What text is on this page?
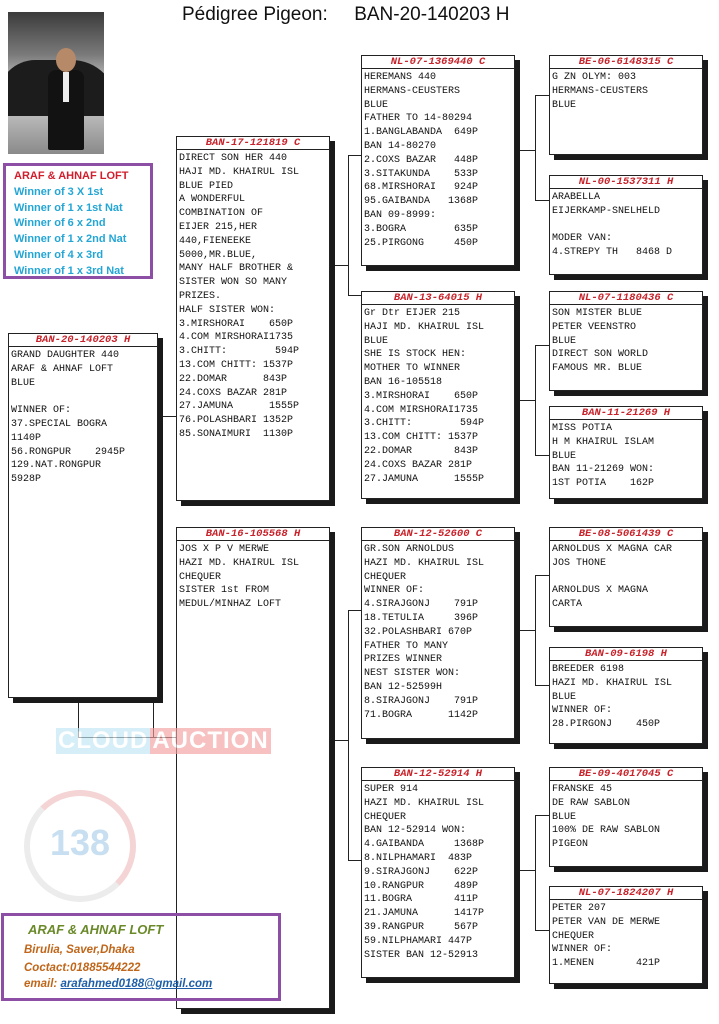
Pédigree Pigeon: BAN-20-140203 H
ARAF & AHNAF LOFT
Winner of 3 X 1st
Winner of 1 x 1st Nat
Winner of 6 x 2nd
Winner of 1 x 2nd Nat
Winner of 4 x 3rd
Winner of 1 x 3rd Nat
BAN-20-140203 H
GRAND DAUGHTER 440
ARAF & AHNAF LOFT
BLUE

WINNER OF:
37.SPECIAL BOGRA
1140P
56.RONGPUR    2945P
129.NAT.RONGPUR
5928P
BAN-17-121819 C
DIRECT SON HER 440
HAJI MD. KHAIRUL ISL
BLUE PIED
A WONDERFUL
COMBINATION OF
EIJER 215,HER
440,FIENEEKE
5000,MR.BLUE,
MANY HALF BROTHER &
SISTER WON SO MANY
PRIZES.
HALF SISTER WON:
3.MIRSHORAI    650P
4.COM MIRSHORAI1735
3.CHITT:        594P
13.COM CHITT: 1537P
22.DOMAR      843P
24.COXS BAZAR 281P
27.JAMUNA      1555P
76.POLASHBARI 1352P
85.SONAIMURI  1130P
BAN-16-105568 H
JOS X P V MERWE
HAZI MD. KHAIRUL ISL
CHEQUER
SISTER 1st FROM
MEDUL/MINHAZ LOFT
NL-07-1369440 C
HEREMANS 440
HERMANS-CEUSTERS
BLUE
FATHER TO 14-80294
1.BANGLABANDA  649P
BAN 14-80270
2.COXS BAZAR   448P
3.SITAKUNDA    533P
68.MIRSHORAI   924P
95.GAIBANDA   1368P
BAN 09-8999:
3.BOGRA        635P
25.PIRGONG     450P
BAN-13-64015 H
Gr Dtr EIJER 215
HAJI MD. KHAIRUL ISL
BLUE
SHE IS STOCK HEN:
MOTHER TO WINNER
BAN 16-105518
3.MIRSHORAI    650P
4.COM MIRSHORAI1735
3.CHITT:        594P
13.COM CHITT: 1537P
22.DOMAR       843P
24.COXS BAZAR 281P
27.JAMUNA      1555P
BAN-12-52600 C
GR.SON ARNOLDUS
HAZI MD. KHAIRUL ISL
CHEQUER
WINNER OF:
4.SIRAJGONJ    791P
18.TETULIA     396P
32.POLASHBARI 670P
FATHER TO MANY
PRIZES WINNER
NEST SISTER WON:
BAN 12-52599H
8.SIRAJGONJ    791P
71.BOGRA      1142P
BAN-12-52914 H
SUPER 914
HAZI MD. KHAIRUL ISL
CHEQUER
BAN 12-52914 WON:
4.GAIBANDA     1368P
8.NILPHAMARI  483P
9.SIRAJGONJ    622P
10.RANGPUR     489P
11.BOGRA       411P
21.JAMUNA      1417P
39.RANGPUR     567P
59.NILPHAMARI 447P
SISTER BAN 12-52913
BE-06-6148315 C
G ZN OLYM: 003
HERMANS-CEUSTERS
BLUE
NL-00-1537311 H
ARABELLA
EIJERKAMP-SNELHELD

MODER VAN:
4.STREPY TH   8468 D
NL-07-1180436 C
SON MISTER BLUE
PETER VEENSTRO
BLUE
DIRECT SON WORLD
FAMOUS MR. BLUE
BAN-11-21269 H
MISS POTIA
H M KHAIRUL ISLAM
BLUE
BAN 11-21269 WON:
1ST POTIA    162P
BE-08-5061439 C
ARNOLDUS X MAGNA CAR
JOS THONE

ARNOLDUS X MAGNA
CARTA
BAN-09-6198 H
BREEDER 6198
HAZI MD. KHAIRUL ISL
BLUE
WINNER OF:
28.PIRGONJ    450P
BE-09-4017045 C
FRANSKE 45
DE RAW SABLON
BLUE
100% DE RAW SABLON
PIGEON
NL-07-1824207 H
PETER 207
PETER VAN DE MERWE
CHEQUER
WINNER OF:
1.MENEN       421P
CLOUD AUCTION
138
ARAF & AHNAF LOFT
Birulia, Saver,Dhaka
Coctact:01885544222
email: arafahmed0188@gmail.com
